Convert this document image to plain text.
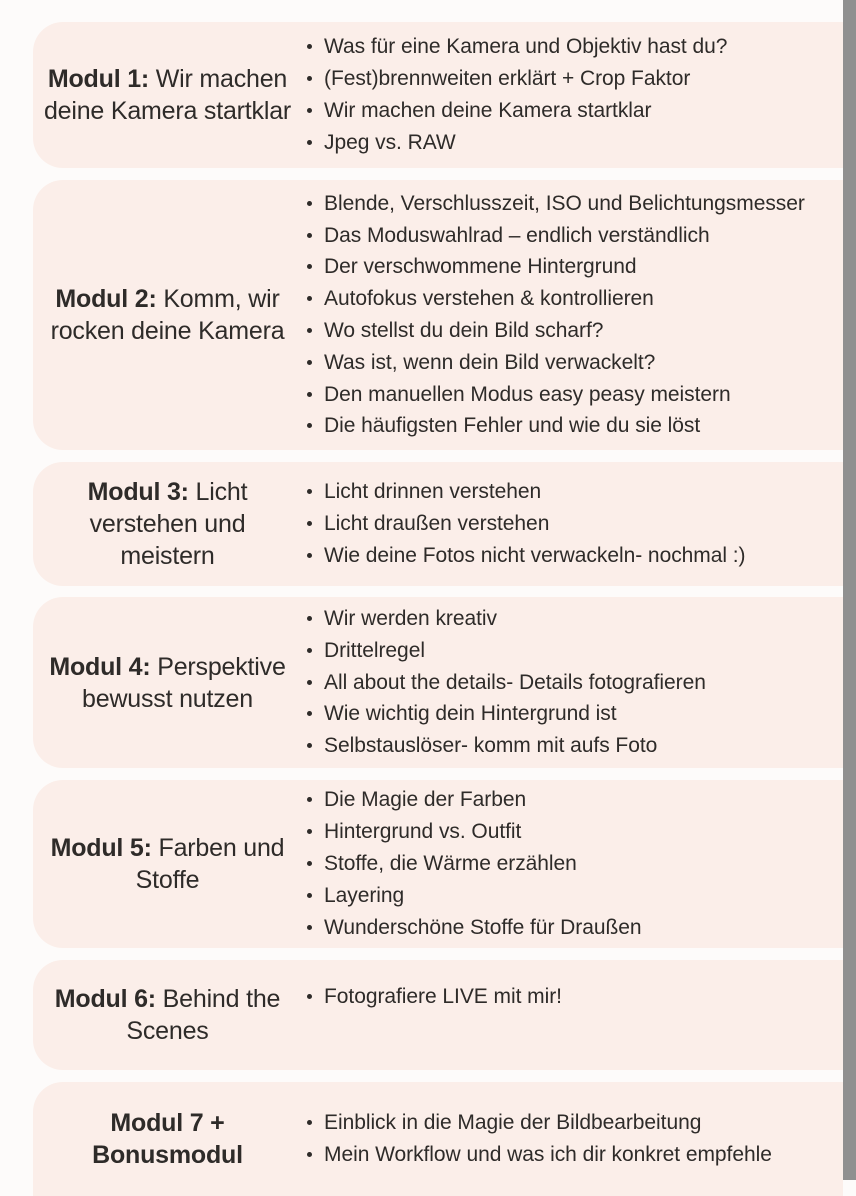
Modul 1: Wir machen deine Kamera startklar
Was für eine Kamera und Objektiv hast du?
(Fest)brennweiten erklärt + Crop Faktor
Wir machen deine Kamera startklar
Jpeg vs. RAW
Modul 2: Komm, wir rocken deine Kamera
Blende, Verschlusszeit, ISO und Belichtungsmesser
Das Moduswahlrad – endlich verständlich
Der verschwommene Hintergrund
Autofokus verstehen & kontrollieren
Wo stellst du dein Bild scharf?
Was ist, wenn dein Bild verwackelt?
Den manuellen Modus easy peasy meistern
Die häufigsten Fehler und wie du sie löst
Modul 3: Licht verstehen und meistern
Licht drinnen verstehen
Licht draußen verstehen
Wie deine Fotos nicht verwackeln- nochmal :)
Modul 4: Perspektive bewusst nutzen
Wir werden kreativ
Drittelregel
All about the details- Details fotografieren
Wie wichtig dein Hintergrund ist
Selbstauslöser- komm mit aufs Foto
Modul 5: Farben und Stoffe
Die Magie der Farben
Hintergrund vs. Outfit
Stoffe, die Wärme erzählen
Layering
Wunderschöne Stoffe für Draußen
Modul 6: Behind the Scenes
Fotografiere LIVE mit mir!
Modul 7 + Bonusmodul
Einblick in die Magie der Bildbearbeitung
Mein Workflow und was ich dir konkret empfehle
